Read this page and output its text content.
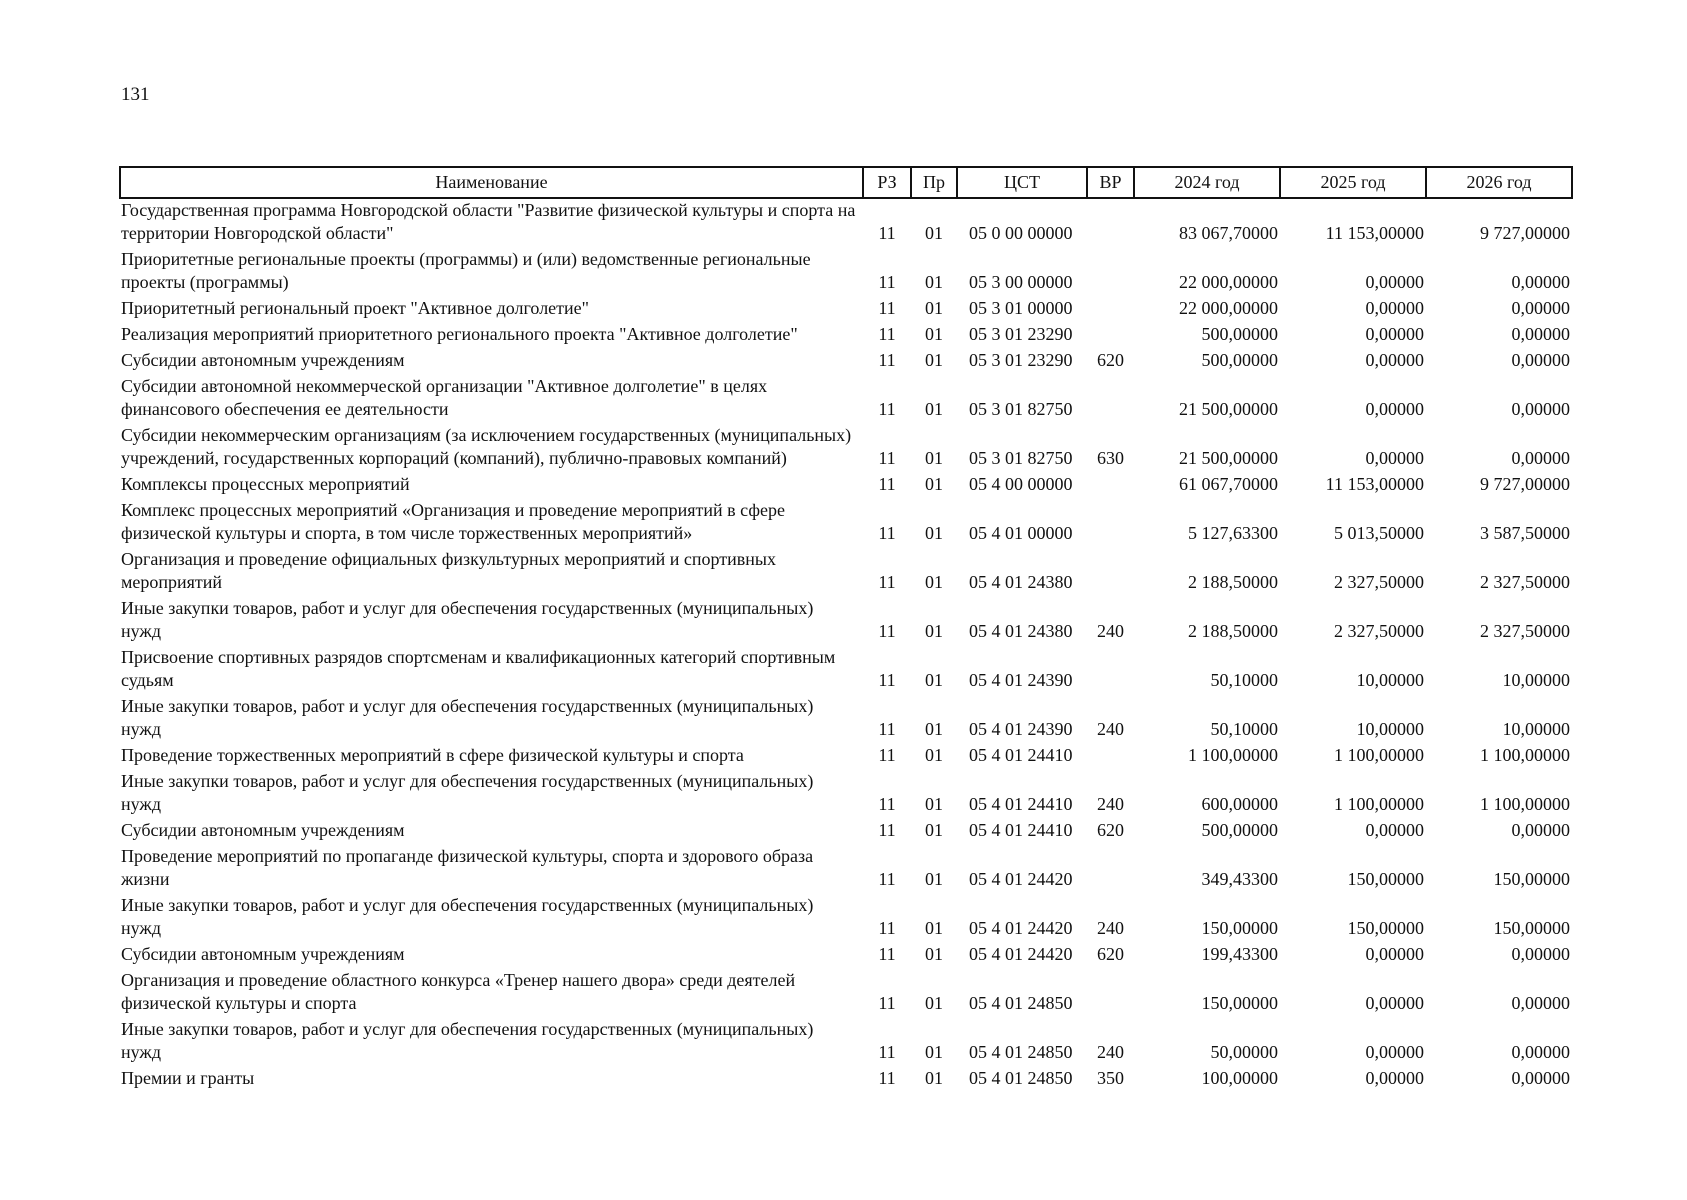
131
Наименование	РЗ	Пр	ЦСТ	ВР	2024 год	2025 год	2026 год
Государственная программа Новгородской области "Развитие физической культуры и спорта на территории Новгородской области"	11	01	05 0 00 00000		83 067,70000	11 153,00000	9 727,00000
Приоритетные региональные проекты (программы) и (или) ведомственные региональные проекты (программы)	11	01	05 3 00 00000		22 000,00000	0,00000	0,00000
Приоритетный региональный проект "Активное долголетие"	11	01	05 3 01 00000		22 000,00000	0,00000	0,00000
Реализация мероприятий приоритетного регионального проекта "Активное долголетие"	11	01	05 3 01 23290		500,00000	0,00000	0,00000
Субсидии автономным учреждениям	11	01	05 3 01 23290	620	500,00000	0,00000	0,00000
Субсидии автономной некоммерческой организации "Активное долголетие" в целях финансового обеспечения ее деятельности	11	01	05 3 01 82750		21 500,00000	0,00000	0,00000
Субсидии некоммерческим организациям (за исключением государственных (муниципальных) учреждений, государственных корпораций (компаний), публично-правовых компаний)	11	01	05 3 01 82750	630	21 500,00000	0,00000	0,00000
Комплексы процессных мероприятий	11	01	05 4 00 00000		61 067,70000	11 153,00000	9 727,00000
Комплекс процессных мероприятий «Организация и проведение мероприятий в сфере физической культуры и спорта, в том числе торжественных мероприятий»	11	01	05 4 01 00000		5 127,63300	5 013,50000	3 587,50000
Организация и проведение официальных физкультурных мероприятий и спортивных мероприятий	11	01	05 4 01 24380		2 188,50000	2 327,50000	2 327,50000
Иные закупки товаров, работ и услуг для обеспечения государственных (муниципальных) нужд	11	01	05 4 01 24380	240	2 188,50000	2 327,50000	2 327,50000
Присвоение спортивных разрядов спортсменам и квалификационных категорий спортивным судьям	11	01	05 4 01 24390		50,10000	10,00000	10,00000
Иные закупки товаров, работ и услуг для обеспечения государственных (муниципальных) нужд	11	01	05 4 01 24390	240	50,10000	10,00000	10,00000
Проведение торжественных мероприятий в сфере физической культуры и спорта	11	01	05 4 01 24410		1 100,00000	1 100,00000	1 100,00000
Иные закупки товаров, работ и услуг для обеспечения государственных (муниципальных) нужд	11	01	05 4 01 24410	240	600,00000	1 100,00000	1 100,00000
Субсидии автономным учреждениям	11	01	05 4 01 24410	620	500,00000	0,00000	0,00000
Проведение мероприятий по пропаганде физической культуры, спорта и здорового образа жизни	11	01	05 4 01 24420		349,43300	150,00000	150,00000
Иные закупки товаров, работ и услуг для обеспечения государственных (муниципальных) нужд	11	01	05 4 01 24420	240	150,00000	150,00000	150,00000
Субсидии автономным учреждениям	11	01	05 4 01 24420	620	199,43300	0,00000	0,00000
Организация и проведение областного конкурса «Тренер нашего двора» среди деятелей физической культуры и спорта	11	01	05 4 01 24850		150,00000	0,00000	0,00000
Иные закупки товаров, работ и услуг для обеспечения государственных (муниципальных) нужд	11	01	05 4 01 24850	240	50,00000	0,00000	0,00000
Премии и гранты	11	01	05 4 01 24850	350	100,00000	0,00000	0,00000
